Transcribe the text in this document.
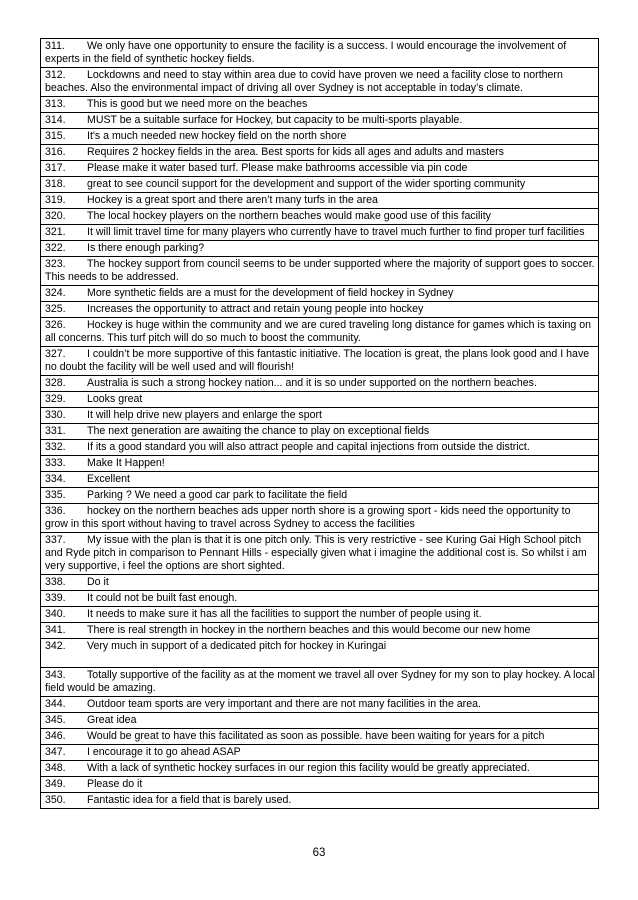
311. We only have one opportunity to ensure the facility is a success. I would encourage the involvement of experts in the field of synthetic hockey fields.
312. Lockdowns and need to stay within area due to covid have proven we need a facility close to northern beaches. Also the environmental impact of driving all over Sydney is not acceptable in today’s climate.
313. This is good but we need more on the beaches
314. MUST be a suitable surface for Hockey, but capacity to be multi-sports playable.
315. It's a much needed new hockey field on the north shore
316. Requires 2 hockey fields in the area. Best sports for kids all ages and adults and masters
317. Please make it water based turf. Please make bathrooms accessible via pin code
318. great to see council support for the development and support of the wider sporting community
319. Hockey is a great sport and there aren’t many turfs in the area
320. The local hockey players on the northern beaches would make good use of this facility
321. It will limit travel time for many players who currently have to travel much further to find proper turf facilities
322. Is there enough parking?
323. The hockey support from council seems to be under supported where the majority of support goes to soccer. This needs to be addressed.
324. More synthetic fields are a must for the development of field hockey in Sydney
325. Increases the opportunity to attract and retain young people into hockey
326. Hockey is huge within the community and we are cured traveling long distance for games which is taxing on all concerns. This turf pitch will do so much to boost the community.
327. I couldn’t be more supportive of this fantastic initiative. The location is great, the plans look good and I have no doubt the facility will be well used and will flourish!
328. Australia is such a strong hockey nation... and it is so under supported on the northern beaches.
329. Looks great
330. It will help drive new players and enlarge the sport
331. The next generation are awaiting the chance to play on exceptional fields
332. If its a good standard you will also attract people and capital injections from outside the district.
333. Make It Happen!
334. Excellent
335. Parking ? We need a good car park to facilitate the field
336. hockey on the northern beaches ads upper north shore is a growing sport - kids need the opportunity to grow in this sport without having to travel across Sydney to access the facilities
337. My issue with the plan is that it is one pitch only. This is very restrictive - see Kuring Gai High School pitch and Ryde pitch in comparison to Pennant Hills - especially given what i imagine the additional cost is. So whilst i am very supportive, i feel the options are short sighted.
338. Do it
339. It could not be built fast enough.
340. It needs to make sure it has all the facilities to support the number of people using it.
341. There is real strength in hockey in the northern beaches and this would become our new home
342. Very much in support of a dedicated pitch for hockey in Kuringai
343. Totally supportive of the facility as at the moment we travel all over Sydney for my son to play hockey. A local field would be amazing.
344. Outdoor team sports are very important and there are not many facilities in the area.
345. Great idea
346. Would be great to have this facilitated as soon as possible. have been waiting for years for a pitch
347. I encourage it to go ahead ASAP
348. With a lack of synthetic hockey surfaces in our region this facility would be greatly appreciated.
349. Please do it
350. Fantastic idea for a field that is barely used.
63
